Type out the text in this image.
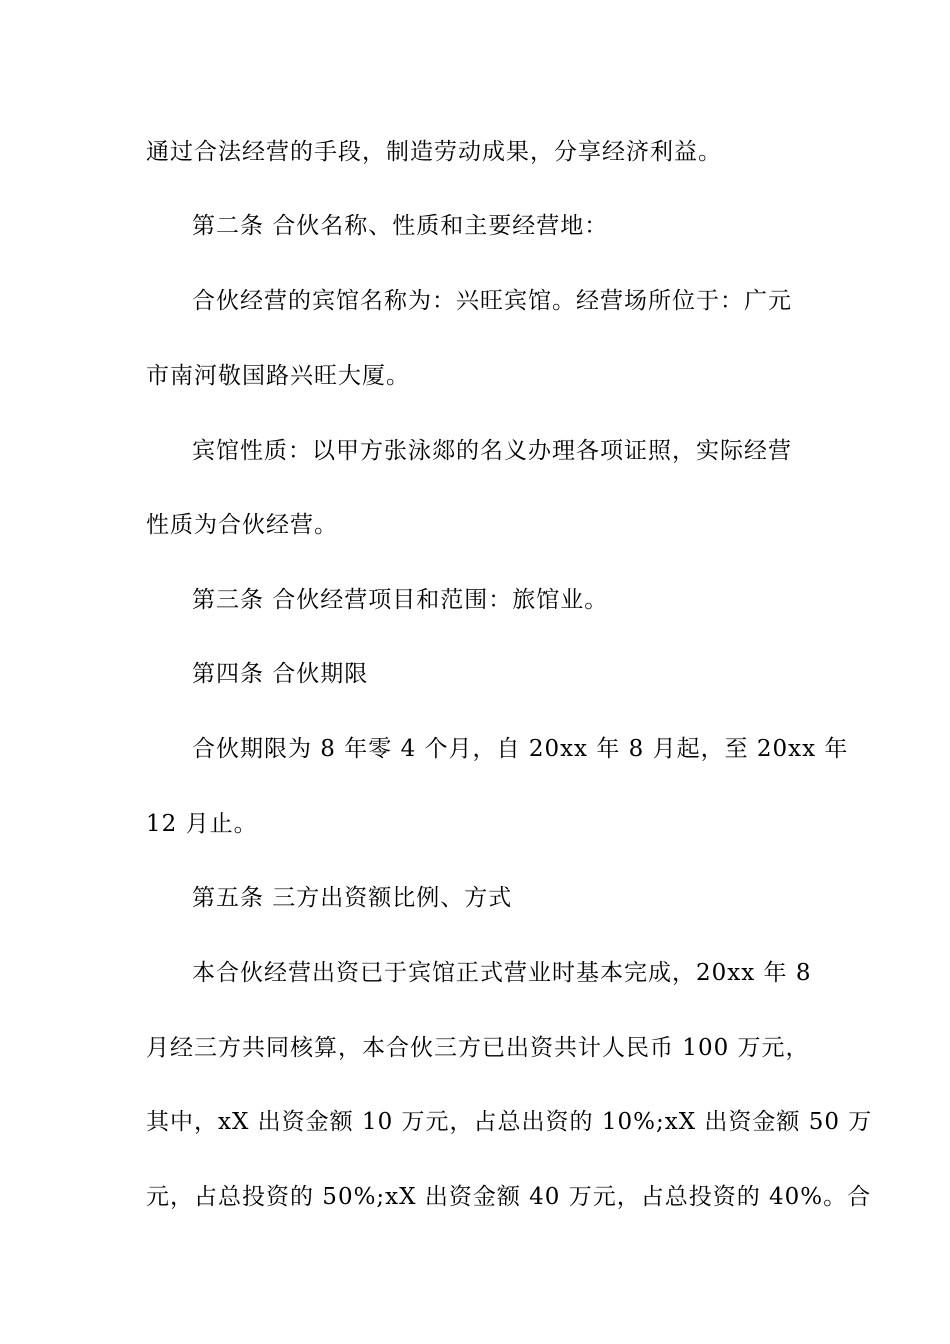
通过合法经营的手段，制造劳动成果，分享经济利益。
第二条 合伙名称、性质和主要经营地：
合伙经营的宾馆名称为：兴旺宾馆。经营场所位于：广元
市南河敬国路兴旺大厦。
宾馆性质：以甲方张泳郯的名义办理各项证照，实际经营
性质为合伙经营。
第三条 合伙经营项目和范围：旅馆业。
第四条 合伙期限
合伙期限为 8 年零 4 个月，自 20xx 年 8 月起，至 20xx 年
12 月止。
第五条 三方出资额比例、方式
本合伙经营出资已于宾馆正式营业时基本完成，20xx 年 8
月经三方共同核算，本合伙三方已出资共计人民币 100 万元，
其中，xX 出资金额 10 万元，占总出资的 10%;xX 出资金额 50 万
元，占总投资的 50%;xX 出资金额 40 万元，占总投资的 40%。合
